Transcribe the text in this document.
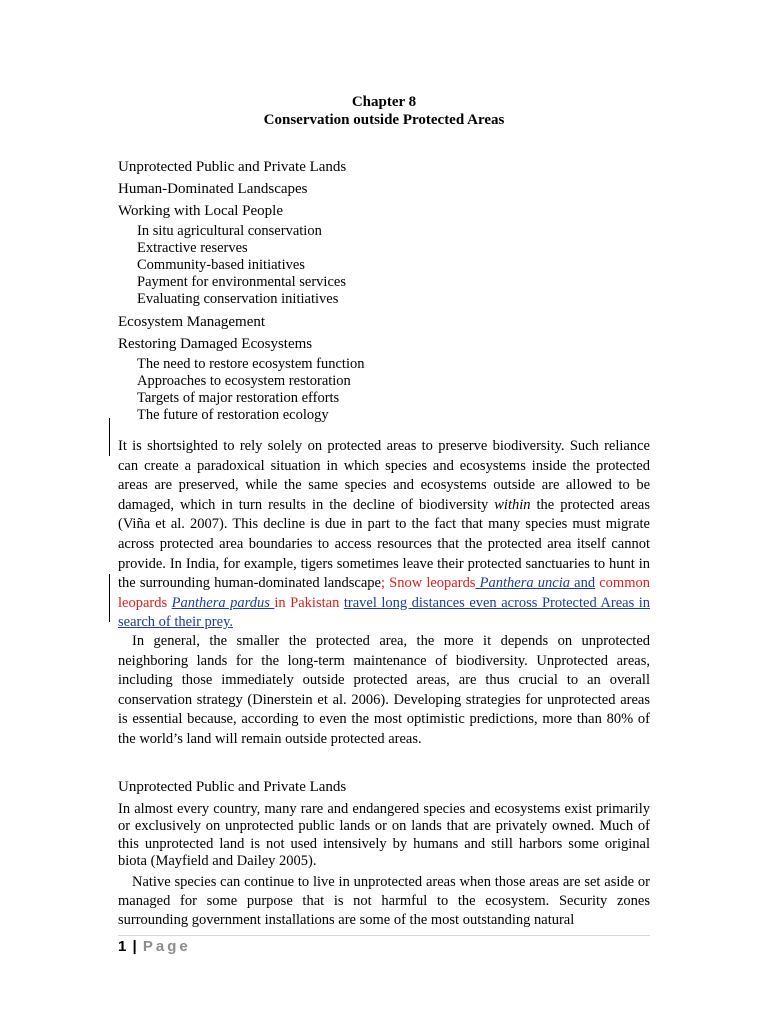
Chapter 8
Conservation outside Protected Areas
Unprotected Public and Private Lands
Human-Dominated Landscapes
Working with Local People
In situ agricultural conservation
Extractive reserves
Community-based initiatives
Payment for environmental services
Evaluating conservation initiatives
Ecosystem Management
Restoring Damaged Ecosystems
The need to restore ecosystem function
Approaches to ecosystem restoration
Targets of major restoration efforts
The future of restoration ecology

It is shortsighted to rely solely on protected areas to preserve biodiversity. Such reliance can create a paradoxical situation in which species and ecosystems inside the protected areas are preserved, while the same species and ecosystems outside are allowed to be damaged, which in turn results in the decline of biodiversity within the protected areas (Viña et al. 2007). This decline is due in part to the fact that many species must migrate across protected area boundaries to access resources that the protected area itself cannot provide. In India, for example, tigers sometimes leave their protected sanctuaries to hunt in the surrounding human-dominated landscape; Snow leopards Panthera uncia and common leopards Panthera pardus in Pakistan travel long distances even across Protected Areas in search of their prey.

In general, the smaller the protected area, the more it depends on unprotected neighboring lands for the long-term maintenance of biodiversity. Unprotected areas, including those immediately outside protected areas, are thus crucial to an overall conservation strategy (Dinerstein et al. 2006). Developing strategies for unprotected areas is essential because, according to even the most optimistic predictions, more than 80% of the world’s land will remain outside protected areas.

Unprotected Public and Private Lands

In almost every country, many rare and endangered species and ecosystems exist primarily or exclusively on unprotected public lands or on lands that are privately owned. Much of this unprotected land is not used intensively by humans and still harbors some original biota (Mayfield and Dailey 2005).

Native species can continue to live in unprotected areas when those areas are set aside or managed for some purpose that is not harmful to the ecosystem. Security zones surrounding government installations are some of the most outstanding natural

1 | Page
